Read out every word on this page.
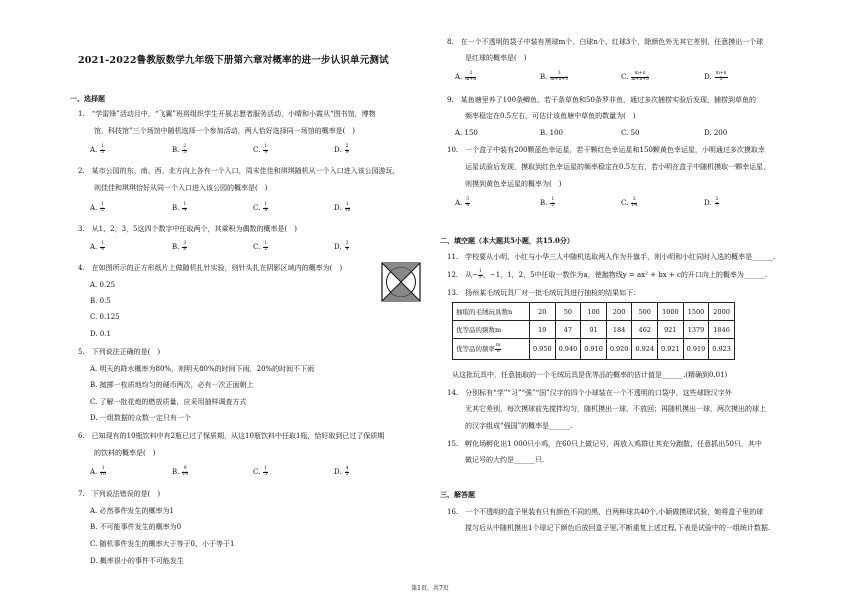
2021-2022鲁教版数学九年级下册第六章对概率的进一步认识单元测试
一、选择题
1.　“学雷锋”活动月中，“飞翼”班将组织学生开展志愿者服务活动，小晴和小霞从“图书馆，博物
馆，科技馆”三个场馆中随机选择一个参加活动，两人恰好选择同一场馆的概率是(　)
A. $\frac{1}{3}$	B. $\frac{2}{3}$	C. $\frac{1}{9}$	D. $\frac{2}{9}$
2.　某市公园的东、南、西、北方向上各有一个入口，周末佳佳和琪琪随机从一个入口进入该公园游玩，
则佳佳和琪琪恰好从同一个入口进入该公园的概率是(　)
A. $\frac{1}{2}$	B. $\frac{1}{4}$	C. $\frac{1}{8}$	D. $\frac{1}{16}$
3.　从1，2，3，5这四个数字中任取两个，其乘积为偶数的概率是(　)
A. $\frac{1}{4}$	B. $\frac{3}{8}$	C. $\frac{1}{2}$	D. $\frac{3}{4}$
4.　在如图所示的正方形纸片上做随机扎针实验，则针头扎在阴影区域内的概率为(　)
A. 0.25
B. 0.5
C. 0.125
D. 0.1
5.　下列说法正确的是(　)
A. 明天的降水概率为80%，则明天80%的时间下雨，20%的时间不下雨
B. 抛掷一枚质地均匀的硬币两次，必有一次正面朝上
C. 了解一批花炮的燃放质量，应采用抽样调查方式
D. 一组数据的众数一定只有一个
6.　已知现有的10瓶饮料中有2瓶已过了保质期，从这10瓶饮料中任取1瓶，恰好取到已过了保质期
的饮料的概率是(　)
A. $\frac{1}{10}$	B. $\frac{9}{10}$	C. $\frac{1}{5}$	D. $\frac{4}{5}$
7.　下列说法错误的是(　)
A. 必然事件发生的概率为1
B. 不可能事件发生的概率为0
C. 随机事件发生的概率大于等于0、小于等于1
D. 概率很小的事件不可能发生
8.　在一个不透明的袋子中装有黑球m个、白球n个、红球3个，除颜色外无其它差别，任意摸出一个球
是红球的概率是(　)
A. $\frac{3}{m+n}$	B. $\frac{3}{m+n+3}$	C. $\frac{m+n}{m+n+3}$	D. $\frac{m+n}{3}$
9.　某鱼塘里养了100条鲫鱼、若干条草鱼和50条罗非鱼，通过多次捕捞实验后发现，捕捞到草鱼的
频率稳定在0.5左右，可估计该鱼塘中草鱼的数量为(　)
A. 150	B. 100	C. 50	D. 200
10.　一个盒子中装有200颗蓝色幸运星，若干颗红色幸运星和150颗黄色幸运星，小明通过多次摸取幸
运星试验后发现，摸取到红色幸运星的频率稳定在0.5左右，若小明在盒子中随机摸取一颗幸运星，
则摸到黄色幸运星的概率为(　)
A. $\frac{3}{4}$	B. $\frac{1}{2}$	C. $\frac{3}{14}$	D. $\frac{2}{7}$
二、填空题（本大题共5小题，共15.0分）
11.　学校要从小明、小红与小华三人中随机选取两人作为升旗手，则小明和小红同时入选的概率是______.
12.　从− $\frac{1}{2}$ ，−1，1，2，5中任取一数作为a，使抛物线y = ax² + bx + c的开口向上的概率为______.
13.　扬州某毛绒玩具厂对一批毛绒玩具进行抽检的结果如下：
抽取的毛绒玩具数n	20	50	100	200	500	1000	1500	2000
优等品的频数m	19	47	91	184	462	921	1379	1846
优等品的频率 $\frac{m}{n}$	0.950	0.940	0.910	0.920	0.924	0.921	0.919	0.923
从这批玩具中，任意抽取的一个毛绒玩具是优等品的概率的估计值是______.(精确到0.01)
14.　分别标有“学”“习”“强”“国”汉字的四个小球装在一个不透明的口袋中，这些球除汉字外
无其它差别，每次摸球前先搅拌均匀，随机摸出一球，不放回；再随机摸出一球，两次摸出的球上
的汉字组成“强国”的概率是______.
15.　孵化场孵化出1 000只小鸡，在60只上做记号，再放入鸡群让其充分跑散，任意抓出50只，其中
做记号的大约是______只.
三、解答题
16.　一个不透明的盒子里装有只有颜色不同的黑、白两种球共40个,小颖做摸球试验，她将盒子里的球
搅匀后从中随机摸出1个球记下颜色后放回盒子里,不断重复上述过程,下表是试验中的一组统计数据.
第1页，共7页
